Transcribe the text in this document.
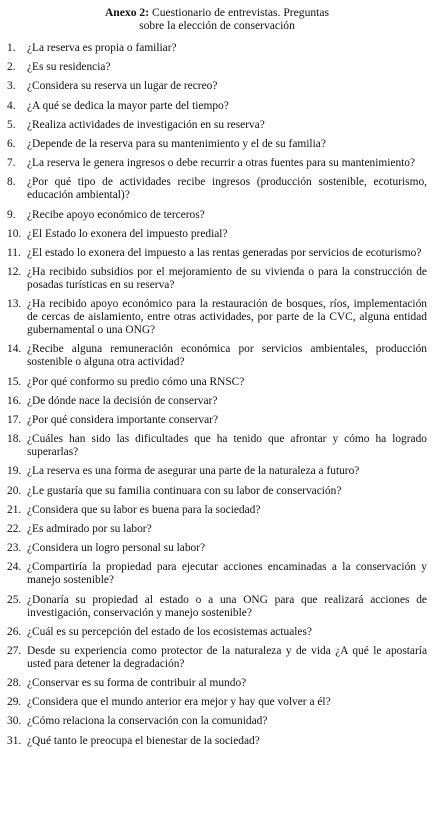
Anexo 2: Cuestionario de entrevistas. Preguntas
sobre la elección de conservación
1.	¿La reserva es propia o familiar?
2.	¿Es su residencia?
3.	¿Considera su reserva un lugar de recreo?
4.	¿A qué se dedica la mayor parte del tiempo?
5.	¿Realiza actividades de investigación en su reserva?
6.	¿Depende de la reserva para su mantenimiento y el de su familia?
7.	¿La reserva le genera ingresos o debe recurrir a otras fuentes para su mantenimiento?
8.	¿Por qué tipo de actividades recibe ingresos (producción sostenible, ecoturismo, educación ambiental)?
9.	¿Recibe apoyo económico de terceros?
10. ¿El Estado lo exonera del impuesto predial?
11. ¿El estado lo exonera del impuesto a las rentas generadas por servicios de ecoturismo?
12. ¿Ha recibido subsidios por el mejoramiento de su vivienda o para la construcción de posadas turísticas en su reserva?
13. ¿Ha recibido apoyo económico para la restauración de bosques, ríos, implementación de cercas de aislamiento, entre otras actividades, por parte de la CVC, alguna entidad gubernamental o una ONG?
14. ¿Recibe alguna remuneración económica por servicios ambientales, producción sostenible o alguna otra actividad?
15. ¿Por qué conformo su predio cómo una RNSC?
16. ¿De dónde nace la decisión de conservar?
17. ¿Por qué considera importante conservar?
18. ¿Cuáles han sido las dificultades que ha tenido que afrontar y cómo ha logrado superarlas?
19. ¿La reserva es una forma de asegurar una parte de la naturaleza a futuro?
20. ¿Le gustaría que su familia continuara con su labor de conservación?
21. ¿Considera que su labor es buena para la sociedad?
22. ¿Es admirado por su labor?
23. ¿Considera un logro personal su labor?
24. ¿Compartiría la propiedad para ejecutar acciones encaminadas a la conservación y manejo sostenible?
25. ¿Donaría su propiedad al estado o a una ONG para que realizará acciones de investigación, conservación y manejo sostenible?
26. ¿Cuál es su percepción del estado de los ecosistemas actuales?
27. Desde su experiencia como protector de la naturaleza y de vida ¿A qué le apostaría usted para detener la degradación?
28. ¿Conservar es su forma de contribuir al mundo?
29. ¿Considera que el mundo anterior era mejor y hay que volver a él?
30. ¿Cómo relaciona la conservación con la comunidad?
31. ¿Qué tanto le preocupa el bienestar de la sociedad?
